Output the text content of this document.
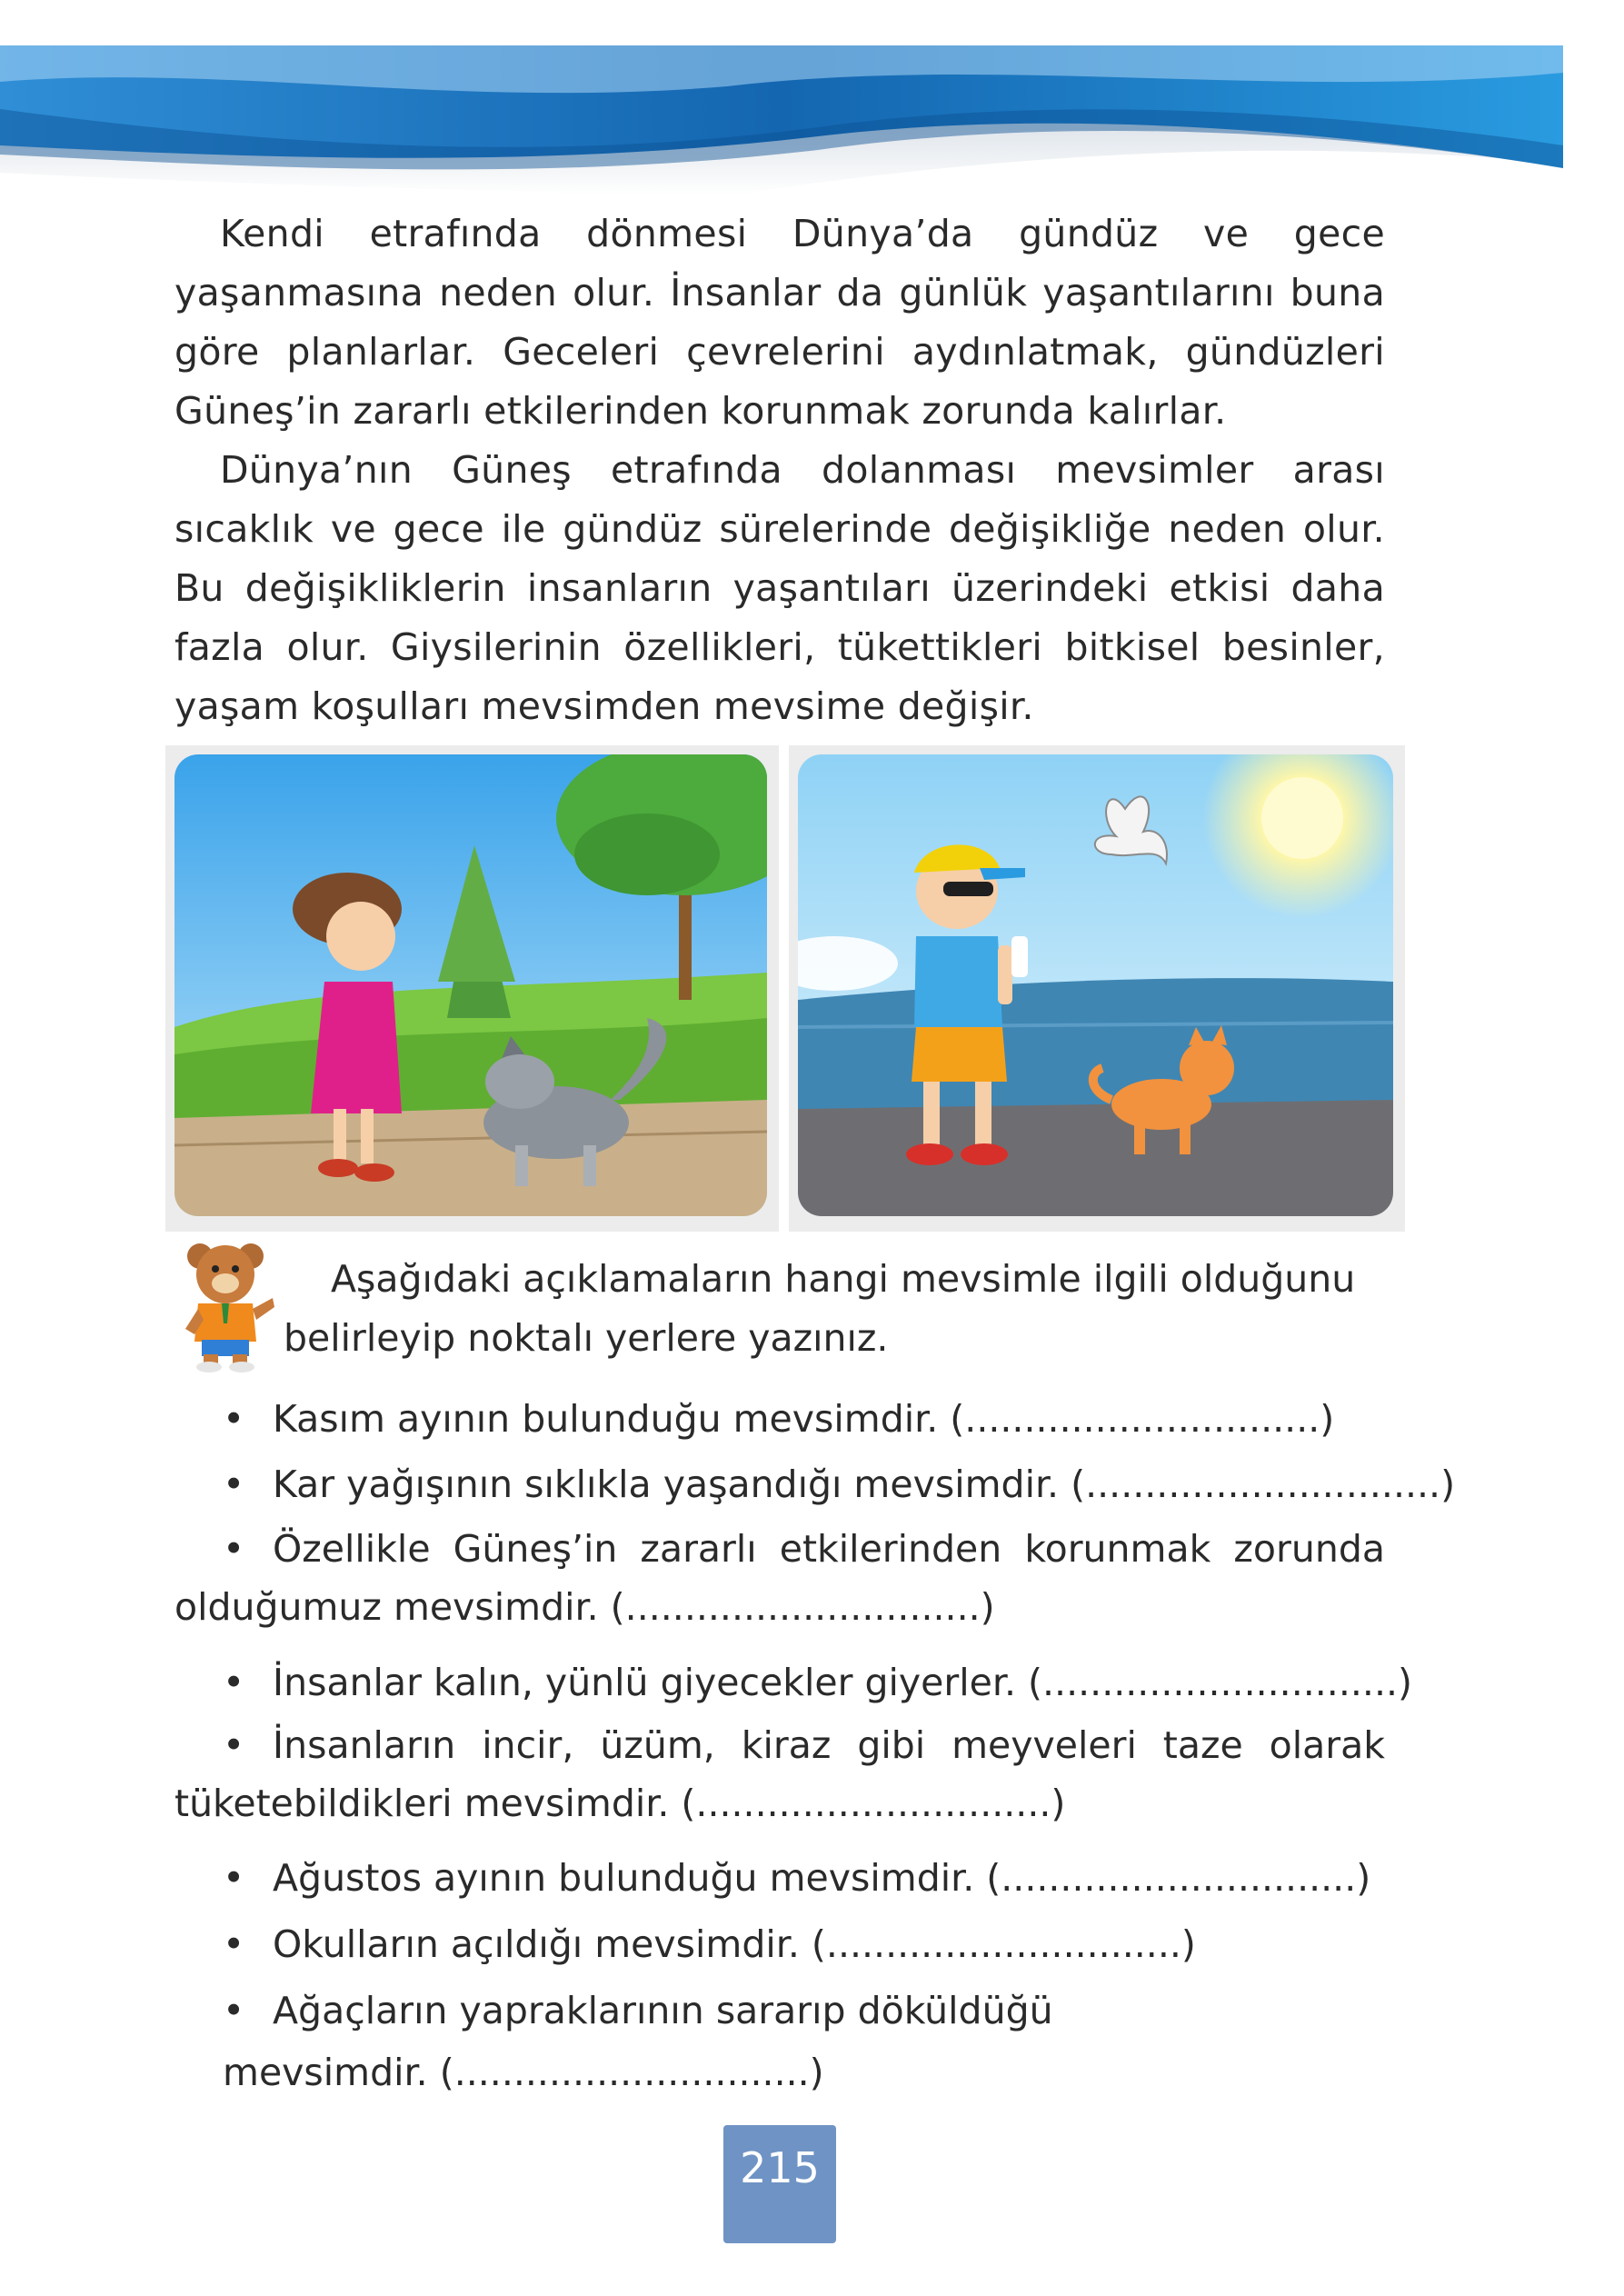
Kendi etrafında dönmesi Dünya’da gündüz ve gece yaşanmasına neden olur. İnsanlar da günlük yaşantılarını buna göre planlarlar. Geceleri çevrelerini aydınlatmak, gündüzleri Güneş’in zararlı etkilerinden korunmak zorunda kalırlar.

Dünya’nın Güneş etrafında dolanması mevsimler arası sıcaklık ve gece ile gündüz sürelerinde değişikliğe neden olur. Bu değişikliklerin insanların yaşantıları üzerindeki etkisi daha fazla olur. Giysilerinin özellikleri, tükettikleri bitkisel besinler, yaşam koşulları mevsimden mevsime değişir.

Aşağıdaki açıklamaların hangi mevsimle ilgili olduğunu belirleyip noktalı yerlere yazınız.

• Kasım ayının bulunduğu mevsimdir. (..............................)

• Kar yağışının sıklıkla yaşandığı mevsimdir. (..............................)

• Özellikle Güneş’in zararlı etkilerinden korunmak zorunda olduğumuz mevsimdir. (..............................)

• İnsanlar kalın, yünlü giyecekler giyerler. (..............................)

• İnsanların incir, üzüm, kiraz gibi meyveleri taze olarak tüketebildikleri mevsimdir. (..............................)

• Ağustos ayının bulunduğu mevsimdir. (..............................)

• Okulların açıldığı mevsimdir. (..............................)

• Ağaçların yapraklarının sararıp döküldüğü mevsimdir. (..............................)

215
